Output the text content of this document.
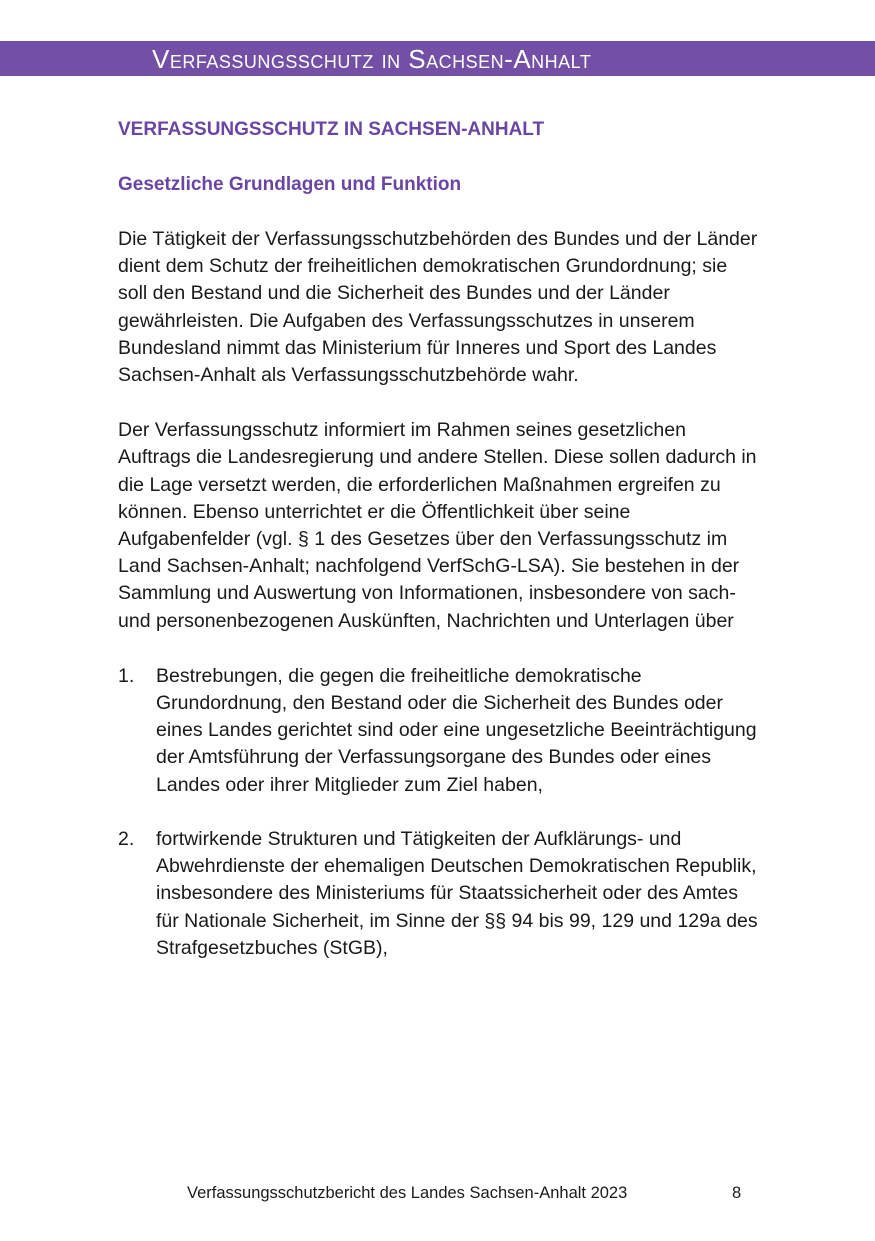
Verfassungsschutz in Sachsen-Anhalt
VERFASSUNGSSCHUTZ IN SACHSEN-ANHALT
Gesetzliche Grundlagen und Funktion

Die Tätigkeit der Verfassungsschutzbehörden des Bundes und der Länder dient dem Schutz der freiheitlichen demokratischen Grundordnung; sie soll den Bestand und die Sicherheit des Bundes und der Länder gewährleisten. Die Aufgaben des Verfassungsschutzes in unserem Bundesland nimmt das Ministerium für Inneres und Sport des Landes Sachsen-Anhalt als Verfassungsschutzbehörde wahr.

Der Verfassungsschutz informiert im Rahmen seines gesetzlichen Auftrags die Landesregierung und andere Stellen. Diese sollen dadurch in die Lage versetzt werden, die erforderlichen Maßnahmen ergreifen zu können. Ebenso unterrichtet er die Öffentlichkeit über seine Aufgabenfelder (vgl. § 1 des Gesetzes über den Verfassungsschutz im Land Sachsen-Anhalt; nachfolgend VerfSchG-LSA). Sie bestehen in der Sammlung und Auswertung von Informationen, insbesondere von sach- und personenbezogenen Auskünften, Nachrichten und Unterlagen über

1. Bestrebungen, die gegen die freiheitliche demokratische Grundordnung, den Bestand oder die Sicherheit des Bundes oder eines Landes gerichtet sind oder eine ungesetzliche Beeinträchtigung der Amtsführung der Verfassungsorgane des Bundes oder eines Landes oder ihrer Mitglieder zum Ziel haben,
2. fortwirkende Strukturen und Tätigkeiten der Aufklärungs- und Abwehrdienste der ehemaligen Deutschen Demokratischen Republik, insbesondere des Ministeriums für Staatssicherheit oder des Amtes für Nationale Sicherheit, im Sinne der §§ 94 bis 99, 129 und 129a des Strafgesetzbuches (StGB),
Verfassungsschutzbericht des Landes Sachsen-Anhalt 2023	8
